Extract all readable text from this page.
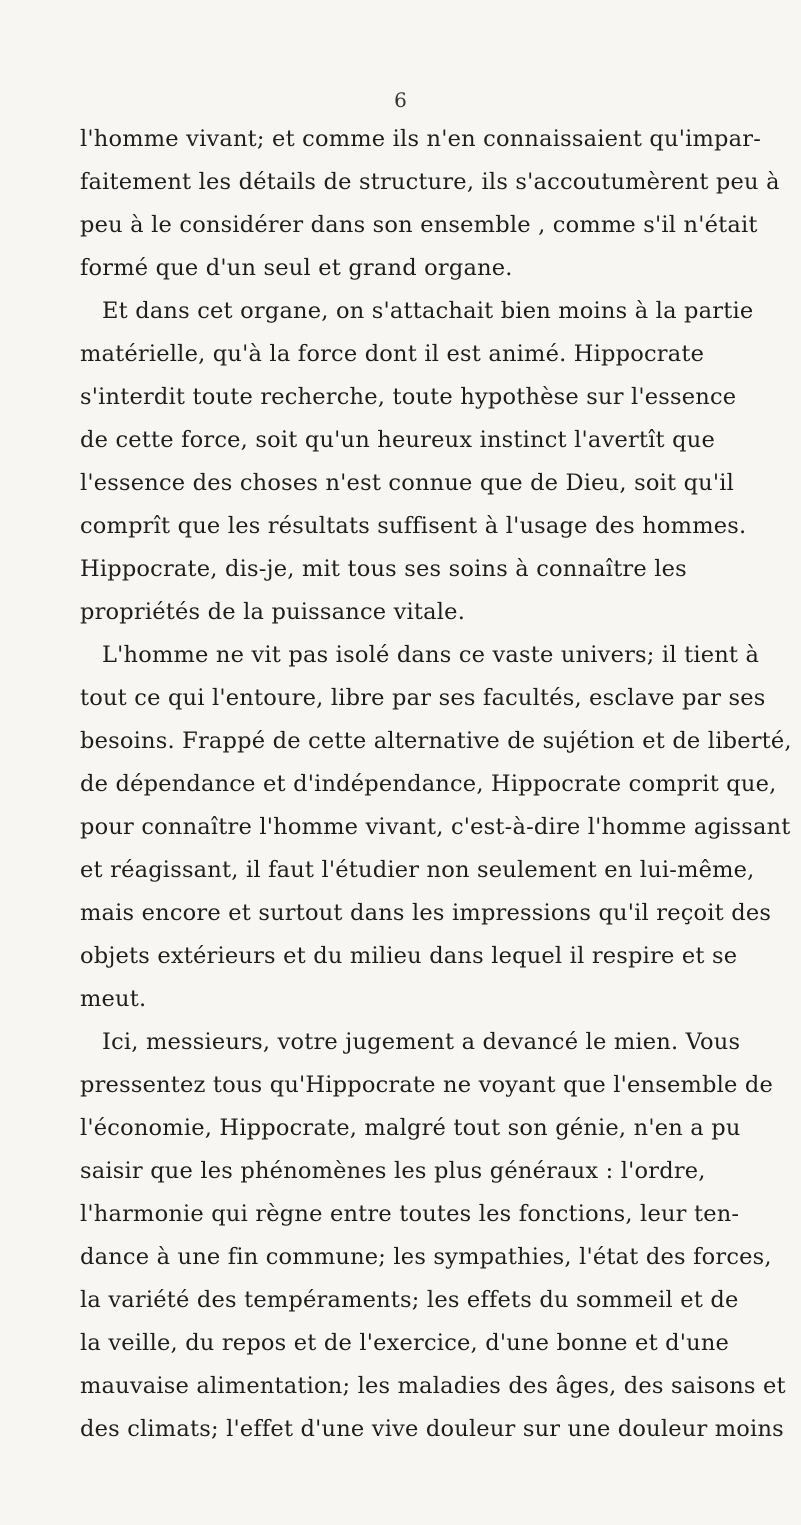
6
l'homme vivant; et comme ils n'en connaissaient qu'impar-
faitement les détails de structure, ils s'accoutumèrent peu à
peu à le considérer dans son ensemble , comme s'il n'était
formé que d'un seul et grand organe.
Et dans cet organe, on s'attachait bien moins à la partie
matérielle, qu'à la force dont il est animé. Hippocrate
s'interdit toute recherche, toute hypothèse sur l'essence
de cette force, soit qu'un heureux instinct l'avertît que
l'essence des choses n'est connue que de Dieu, soit qu'il
comprît que les résultats suffisent à l'usage des hommes.
Hippocrate, dis-je, mit tous ses soins à connaître les
propriétés de la puissance vitale.
L'homme ne vit pas isolé dans ce vaste univers; il tient à
tout ce qui l'entoure, libre par ses facultés, esclave par ses
besoins. Frappé de cette alternative de sujétion et de liberté,
de dépendance et d'indépendance, Hippocrate comprit que,
pour connaître l'homme vivant, c'est-à-dire l'homme agissant
et réagissant, il faut l'étudier non seulement en lui-même,
mais encore et surtout dans les impressions qu'il reçoit des
objets extérieurs et du milieu dans lequel il respire et se
meut.
Ici, messieurs, votre jugement a devancé le mien. Vous
pressentez tous qu'Hippocrate ne voyant que l'ensemble de
l'économie, Hippocrate, malgré tout son génie, n'en a pu
saisir que les phénomènes les plus généraux : l'ordre,
l'harmonie qui règne entre toutes les fonctions, leur ten-
dance à une fin commune; les sympathies, l'état des forces,
la variété des tempéraments; les effets du sommeil et de
la veille, du repos et de l'exercice, d'une bonne et d'une
mauvaise alimentation; les maladies des âges, des saisons et
des climats; l'effet d'une vive douleur sur une douleur moins
